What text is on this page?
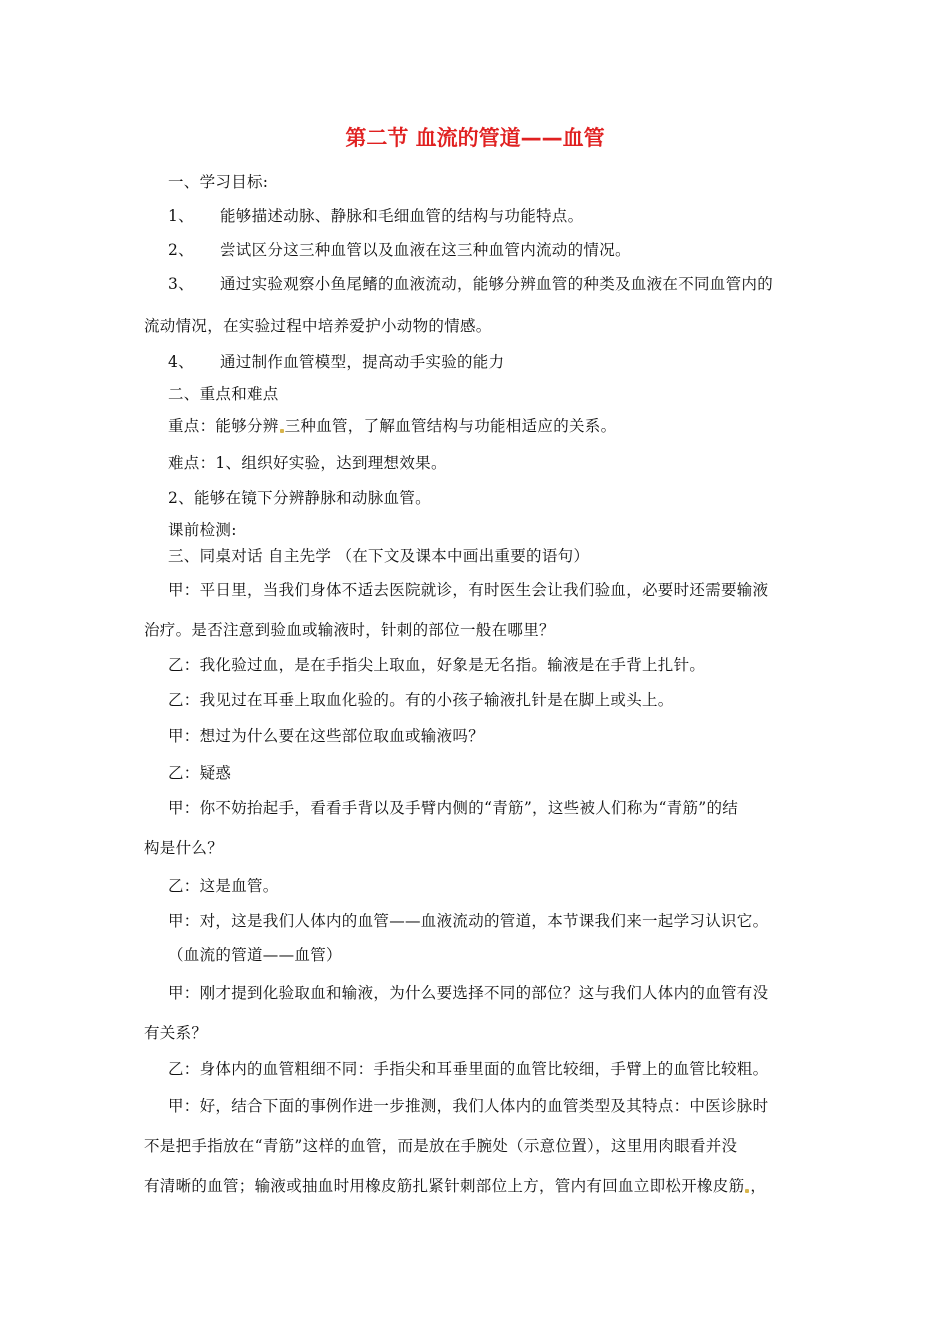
第二节 血流的管道——血管
一、学习目标:
1、 能够描述动脉、静脉和毛细血管的结构与功能特点。
2、 尝试区分这三种血管以及血液在这三种血管内流动的情况。
3、 通过实验观察小鱼尾鳍的血液流动，能够分辨血管的种类及血液在不同血管内的
流动情况，在实验过程中培养爱护小动物的情感。
4、 通过制作血管模型，提高动手实验的能力
二、重点和难点
重点：能够分辨 三种血管，了解血管结构与功能相适应的关系。
难点：1、组织好实验，达到理想效果。
2、能够在镜下分辨静脉和动脉血管。
课前检测:
三、同桌对话 自主先学 （在下文及课本中画出重要的语句）
甲：平日里，当我们身体不适去医院就诊，有时医生会让我们验血，必要时还需要输液
治疗。是否注意到验血或输液时，针刺的部位一般在哪里？
乙：我化验过血，是在手指尖上取血，好象是无名指。输液是在手背上扎针。
乙：我见过在耳垂上取血化验的。有的小孩子输液扎针是在脚上或头上。
甲：想过为什么要在这些部位取血或输液吗？
乙：疑惑
甲：你不妨抬起手，看看手背以及手臂内侧的“青筋”，这些被人们称为“青筋”的结
构是什么？
乙：这是血管。
甲：对，这是我们人体内的血管——血液流动的管道，本节课我们来一起学习认识它。
（血流的管道——血管）
甲：刚才提到化验取血和输液，为什么要选择不同的部位？这与我们人体内的血管有没
有关系？
乙：身体内的血管粗细不同：手指尖和耳垂里面的血管比较细，手臂上的血管比较粗。
甲：好，结合下面的事例作进一步推测，我们人体内的血管类型及其特点：中医诊脉时
不是把手指放在“青筋”这样的血管，而是放在手腕处（示意位置），这里用肉眼看并没
有清晰的血管；输液或抽血时用橡皮筋扎紧针刺部位上方，管内有回血立即松开橡皮筋 ，
